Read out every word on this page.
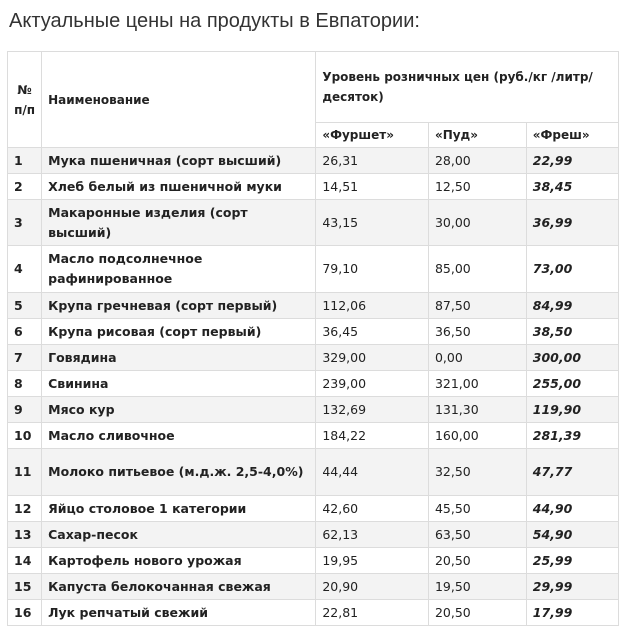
Актуальные цены на продукты в Евпатории:
№ п/п	Наименование	Уровень розничных цен (руб./кг /литр/десяток)		
		«Фуршет»	«Пуд»	«Фреш»
1	Мука пшеничная (сорт высший)	26,31	28,00	22,99
2	Хлеб белый из пшеничной муки	14,51	12,50	38,45
3	Макаронные изделия (сорт высший)	43,15	30,00	36,99
4	Масло подсолнечное рафинированное	79,10	85,00	73,00
5	Крупа гречневая (сорт первый)	112,06	87,50	84,99
6	Крупа рисовая (сорт первый)	36,45	36,50	38,50
7	Говядина	329,00	0,00	300,00
8	Свинина	239,00	321,00	255,00
9	Мясо кур	132,69	131,30	119,90
10	Масло сливочное	184,22	160,00	281,39
11	Молоко питьевое (м.д.ж. 2,5-4,0%)	44,44	32,50	47,77
12	Яйцо столовое 1 категории	42,60	45,50	44,90
13	Сахар-песок	62,13	63,50	54,90
14	Картофель нового урожая	19,95	20,50	25,99
15	Капуста белокочанная свежая	20,90	19,50	29,99
16	Лук репчатый свежий	22,81	20,50	17,99
